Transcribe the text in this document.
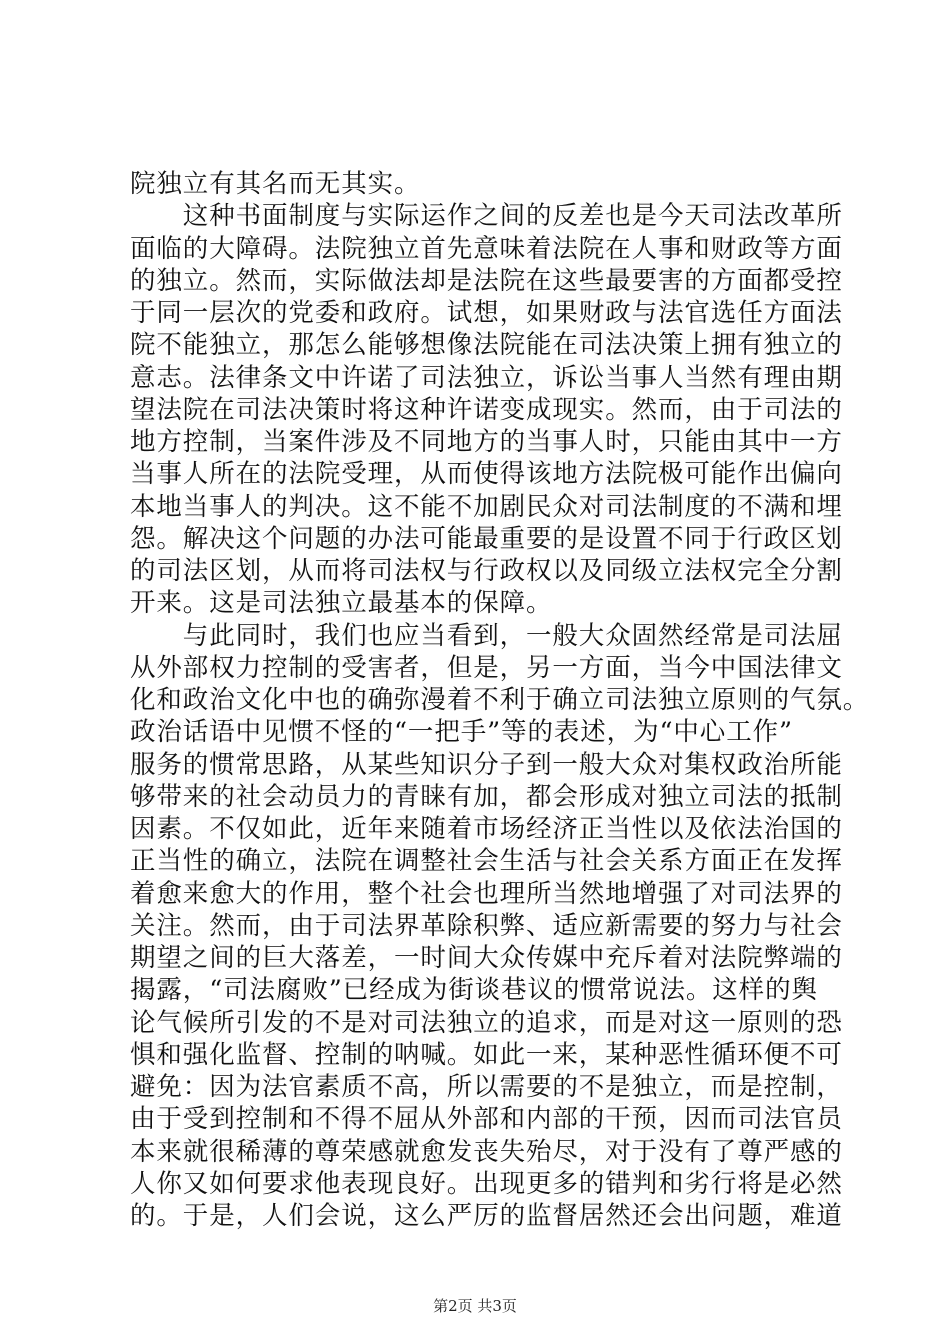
院独立有其名而无其实。
　　这种书面制度与实际运作之间的反差也是今天司法改革所
面临的大障碍。法院独立首先意味着法院在人事和财政等方面
的独立。然而，实际做法却是法院在这些最要害的方面都受控
于同一层次的党委和政府。试想，如果财政与法官选任方面法
院不能独立，那怎么能够想像法院能在司法决策上拥有独立的
意志。法律条文中许诺了司法独立，诉讼当事人当然有理由期
望法院在司法决策时将这种许诺变成现实。然而，由于司法的
地方控制，当案件涉及不同地方的当事人时，只能由其中一方
当事人所在的法院受理，从而使得该地方法院极可能作出偏向
本地当事人的判决。这不能不加剧民众对司法制度的不满和埋
怨。解决这个问题的办法可能最重要的是设置不同于行政区划
的司法区划，从而将司法权与行政权以及同级立法权完全分割
开来。这是司法独立最基本的保障。
　　与此同时，我们也应当看到，一般大众固然经常是司法屈
从外部权力控制的受害者，但是，另一方面，当今中国法律文
化和政治文化中也的确弥漫着不利于确立司法独立原则的气氛。
政治话语中见惯不怪的“一把手”等的表述，为“中心工作”
服务的惯常思路，从某些知识分子到一般大众对集权政治所能
够带来的社会动员力的青睐有加，都会形成对独立司法的抵制
因素。不仅如此，近年来随着市场经济正当性以及依法治国的
正当性的确立，法院在调整社会生活与社会关系方面正在发挥
着愈来愈大的作用，整个社会也理所当然地增强了对司法界的
关注。然而，由于司法界革除积弊、适应新需要的努力与社会
期望之间的巨大落差，一时间大众传媒中充斥着对法院弊端的
揭露，“司法腐败”已经成为街谈巷议的惯常说法。这样的舆
论气候所引发的不是对司法独立的追求，而是对这一原则的恐
惧和强化监督、控制的呐喊。如此一来，某种恶性循环便不可
避免：因为法官素质不高，所以需要的不是独立，而是控制，
由于受到控制和不得不屈从外部和内部的干预，因而司法官员
本来就很稀薄的尊荣感就愈发丧失殆尽，对于没有了尊严感的
人你又如何要求他表现良好。出现更多的错判和劣行将是必然
的。于是，人们会说，这么严厉的监督居然还会出问题，难道
第2页 共3页
